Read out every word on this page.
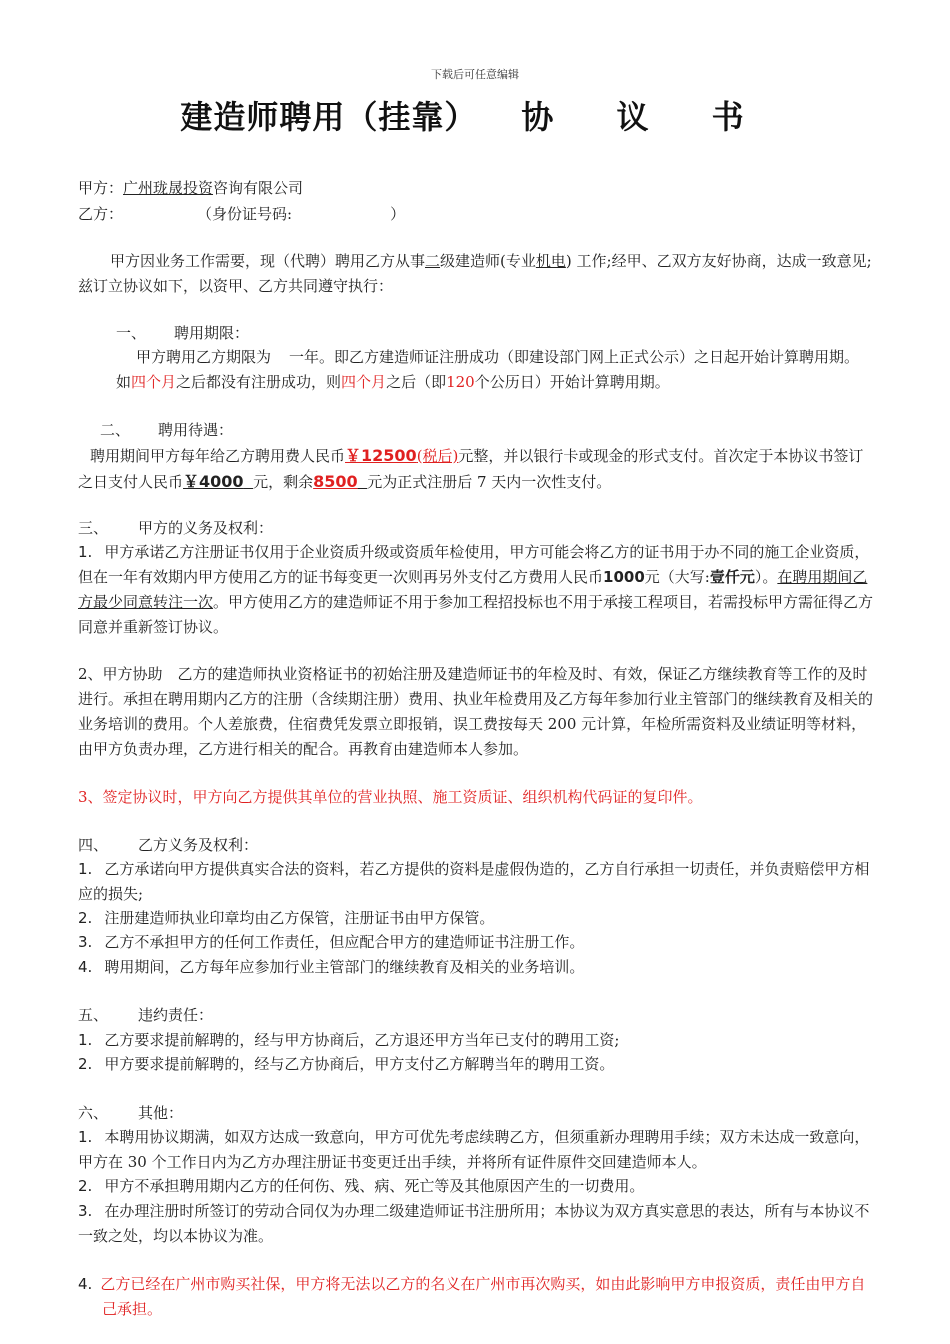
下载后可任意编辑
建造师聘用（挂靠） 协 议 书
甲方：广州珑晟投资咨询有限公司
乙方：	（身份证号码:	）
甲方因业务工作需要，现（代聘）聘用乙方从事二级建造师(专业机电) 工作;经甲、乙双方友好协商，达成一致意见;兹订立协议如下，以资甲、乙方共同遵守执行：
一、 聘用期限：
甲方聘用乙方期限为 一年。即乙方建造师证注册成功（即建设部门网上正式公示）之日起开始计算聘用期。如四个月之后都没有注册成功，则四个月之后（即120个公历日）开始计算聘用期。
二、 聘用待遇：
聘用期间甲方每年给乙方聘用费人民币￥12500(税后)元整，并以银行卡或现金的形式支付。首次定于本协议书签订之日支付人民币￥4000 元，剩余8500 元为正式注册后 7 天内一次性支付。
三、 甲方的义务及权利：
1. 甲方承诺乙方注册证书仅用于企业资质升级或资质年检使用，甲方可能会将乙方的证书用于办不同的施工企业资质，但在一年有效期内甲方使用乙方的证书每变更一次则再另外支付乙方费用人民币1000元（大写:壹仟元）。在聘用期间乙方最少同意转注一次。甲方使用乙方的建造师证不用于参加工程招投标也不用于承接工程项目，若需投标甲方需征得乙方同意并重新签订协议。
2、甲方协助　乙方的建造师执业资格证书的初始注册及建造师证书的年检及时、有效，保证乙方继续教育等工作的及时进行。承担在聘用期内乙方的注册（含续期注册）费用、执业年检费用及乙方每年参加行业主管部门的继续教育及相关的业务培训的费用。个人差旅费，住宿费凭发票立即报销，误工费按每天 200 元计算，年检所需资料及业绩证明等材料，由甲方负责办理，乙方进行相关的配合。再教育由建造师本人参加。
3、签定协议时，甲方向乙方提供其单位的营业执照、施工资质证、组织机构代码证的复印件。
四、 乙方义务及权利：
1. 乙方承诺向甲方提供真实合法的资料，若乙方提供的资料是虚假伪造的，乙方自行承担一切责任，并负责赔偿甲方相应的损失;
2. 注册建造师执业印章均由乙方保管，注册证书由甲方保管。
3. 乙方不承担甲方的任何工作责任，但应配合甲方的建造师证书注册工作。
4. 聘用期间，乙方每年应参加行业主管部门的继续教育及相关的业务培训。
五、 违约责任：
1. 乙方要求提前解聘的，经与甲方协商后，乙方退还甲方当年已支付的聘用工资;
2. 甲方要求提前解聘的，经与乙方协商后，甲方支付乙方解聘当年的聘用工资。
六、 其他：
1. 本聘用协议期满，如双方达成一致意向，甲方可优先考虑续聘乙方，但须重新办理聘用手续；双方未达成一致意向，甲方在 30 个工作日内为乙方办理注册证书变更迁出手续，并将所有证件原件交回建造师本人。
2. 甲方不承担聘用期内乙方的任何伤、残、病、死亡等及其他原因产生的一切费用。
3. 在办理注册时所签订的劳动合同仅为办理二级建造师证书注册所用；本协议为双方真实意思的表达，所有与本协议不一致之处，均以本协议为准。
4. 乙方已经在广州市购买社保，甲方将无法以乙方的名义在广州市再次购买，如由此影响甲方申报资质，责任由甲方自己承担。
